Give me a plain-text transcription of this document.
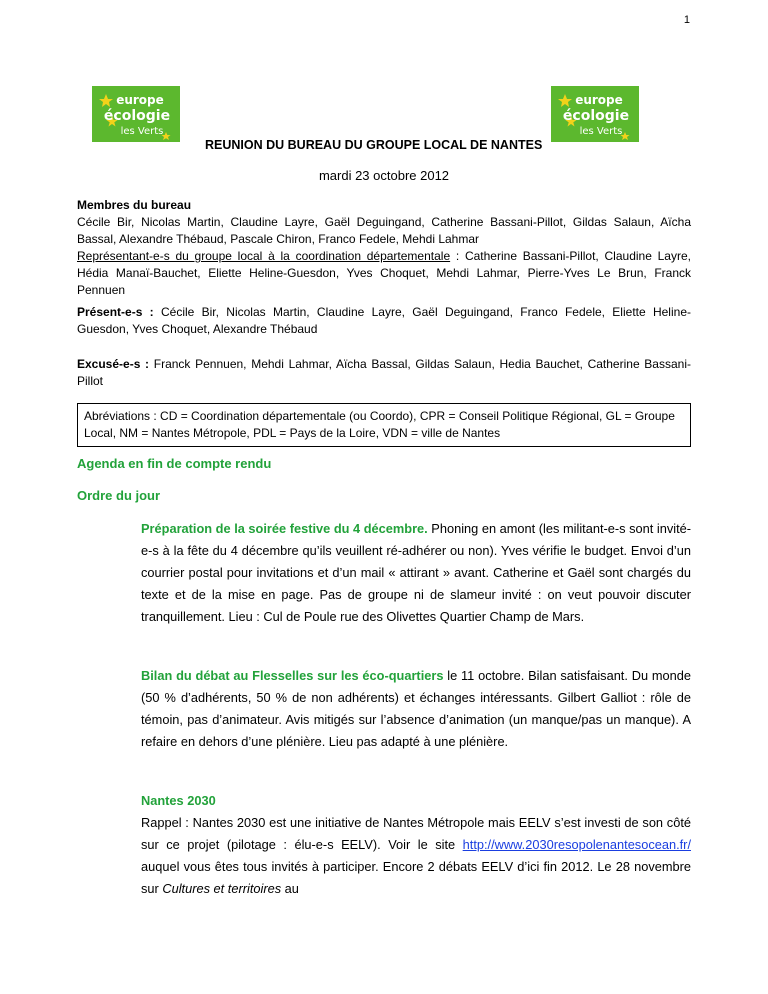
1
europe
écologie
les Verts
europe
écologie
les Verts
REUNION DU BUREAU DU GROUPE LOCAL DE NANTES
mardi 23 octobre 2012
Membres du bureau
Cécile Bir, Nicolas Martin, Claudine Layre, Gaël Deguingand, Catherine Bassani-Pillot, Gildas Salaun, Aïcha Bassal, Alexandre Thébaud, Pascale Chiron, Franco Fedele, Mehdi Lahmar
Représentant-e-s du groupe local à la coordination départementale : Catherine Bassani-Pillot, Claudine Layre, Hédia Manaï-Bauchet, Eliette Heline-Guesdon, Yves Choquet, Mehdi Lahmar, Pierre-Yves Le Brun, Franck Pennuen
Présent-e-s : Cécile Bir, Nicolas Martin, Claudine Layre, Gaël Deguingand, Franco Fedele, Eliette Heline-Guesdon, Yves Choquet, Alexandre Thébaud
Excusé-e-s : Franck Pennuen, Mehdi Lahmar, Aïcha Bassal, Gildas Salaun, Hedia Bauchet, Catherine Bassani-Pillot
Abréviations : CD = Coordination départementale (ou Coordo), CPR = Conseil Politique Régional, GL = Groupe Local, NM = Nantes Métropole, PDL = Pays de la Loire, VDN = ville de Nantes
Agenda en fin de compte rendu
Ordre du jour
Préparation de la soirée festive du 4 décembre. Phoning en amont (les militant-e-s sont invité-e-s à la fête du 4 décembre qu’ils veuillent ré-adhérer ou non). Yves vérifie le budget. Envoi d’un courrier postal pour invitations et d’un mail « attirant » avant. Catherine et Gaël sont chargés du texte et de la mise en page. Pas de groupe ni de slameur invité : on veut pouvoir discuter tranquillement. Lieu : Cul de Poule rue des Olivettes Quartier Champ de Mars.
Bilan du débat au Flesselles sur les éco-quartiers le 11 octobre. Bilan satisfaisant. Du monde (50 % d’adhérents, 50 % de non adhérents) et échanges intéressants. Gilbert Galliot : rôle de témoin, pas d’animateur. Avis mitigés sur l’absence d’animation (un manque/pas un manque). A refaire en dehors d’une plénière. Lieu pas adapté à une plénière.
Nantes 2030
Rappel : Nantes 2030 est une initiative de Nantes Métropole mais EELV s’est investi de son côté sur ce projet (pilotage : élu-e-s EELV). Voir le site http://www.2030resopolenantesocean.fr/ auquel vous êtes tous invités à participer. Encore 2 débats EELV d’ici fin 2012. Le 28 novembre sur Cultures et territoires au
